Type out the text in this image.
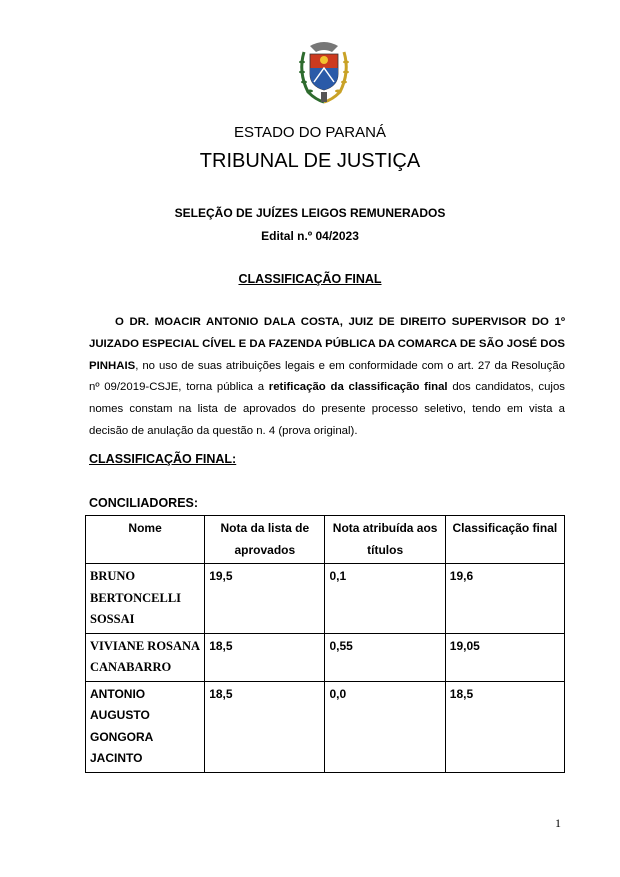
ESTADO DO PARANÁ
TRIBUNAL DE JUSTIÇA
SELEÇÃO DE JUÍZES LEIGOS REMUNERADOS
Edital n.º 04/2023
CLASSIFICAÇÃO FINAL
O DR. MOACIR ANTONIO DALA COSTA, JUIZ DE DIREITO SUPERVISOR DO 1º JUIZADO ESPECIAL CÍVEL E DA FAZENDA PÚBLICA DA COMARCA DE SÃO JOSÉ DOS PINHAIS, no uso de suas atribuições legais e em conformidade com o art. 27 da Resolução nº 09/2019-CSJE, torna pública a retificação da classificação final dos candidatos, cujos nomes constam na lista de aprovados do presente processo seletivo, tendo em vista a decisão de anulação da questão n. 4 (prova original).
CLASSIFICAÇÃO FINAL:
CONCILIADORES:
Nome	Nota da lista de aprovados	Nota atribuída aos títulos	Classificação final
BRUNO BERTONCELLI SOSSAI	19,5	0,1	19,6
VIVIANE ROSANA CANABARRO	18,5	0,55	19,05
ANTONIO AUGUSTO GONGORA JACINTO	18,5	0,0	18,5
1
